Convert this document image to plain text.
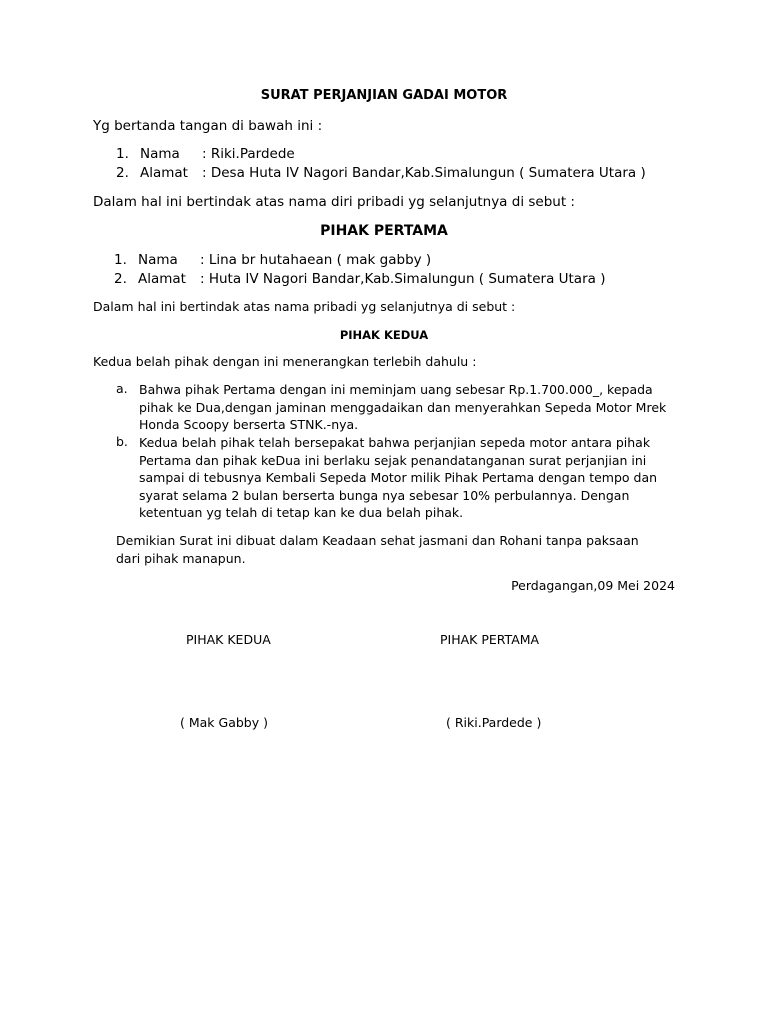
SURAT PERJANJIAN GADAI MOTOR
Yg bertanda tangan di bawah ini :
1. Nama : Riki.Pardede
2. Alamat : Desa Huta IV Nagori Bandar,Kab.Simalungun ( Sumatera Utara )
Dalam hal ini bertindak atas nama diri pribadi yg selanjutnya di sebut :
PIHAK PERTAMA
1. Nama : Lina br hutahaean ( mak gabby )
2. Alamat : Huta IV Nagori Bandar,Kab.Simalungun ( Sumatera Utara )
Dalam hal ini bertindak atas nama pribadi yg selanjutnya di sebut :
PIHAK KEDUA
Kedua belah pihak dengan ini menerangkan terlebih dahulu :
a. Bahwa pihak Pertama dengan ini meminjam uang sebesar Rp.1.700.000_, kepada pihak ke Dua,dengan jaminan menggadaikan dan menyerahkan Sepeda Motor Mrek Honda Scoopy berserta STNK.-nya.
b. Kedua belah pihak telah bersepakat bahwa perjanjian sepeda motor antara pihak Pertama dan pihak keDua ini berlaku sejak penandatanganan surat perjanjian ini sampai di tebusnya Kembali Sepeda Motor milik Pihak Pertama dengan tempo dan syarat selama 2 bulan berserta bunga nya sebesar 10% perbulannya. Dengan ketentuan yg telah di tetap kan ke dua belah pihak.
Demikian Surat ini dibuat dalam Keadaan sehat jasmani dan Rohani tanpa paksaan dari pihak manapun.
Perdagangan,09 Mei 2024
PIHAK KEDUA	PIHAK PERTAMA
( Mak Gabby )	( Riki.Pardede )
